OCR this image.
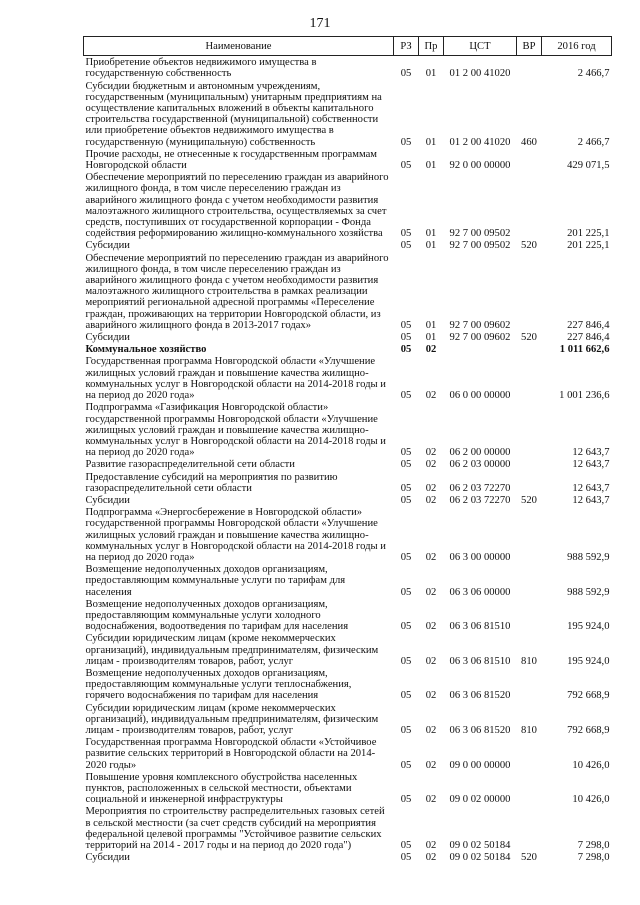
171
Наименование	РЗ	Пр	ЦСТ	ВР	2016 год
Приобретение объектов недвижимого имущества в государственную собственность	05	01	01 2 00 41020		2 466,7
Субсидии бюджетным и автономным учреждениям, государственным (муниципальным) унитарным предприятиям на осуществление капитальных вложений в объекты капитального строительства государственной (муниципальной) собственности или приобретение объектов недвижимого имущества в государственную (муниципальную) собственность	05	01	01 2 00 41020	460	2 466,7
Прочие расходы, не отнесенные к государственным программам Новгородской области	05	01	92 0 00 00000		429 071,5
Обеспечение мероприятий по переселению граждан из аварийного жилищного фонда, в том числе переселению граждан из аварийного жилищного фонда с учетом необходимости развития малоэтажного жилищного строительства, осуществляемых за счет средств, поступивших от государственной корпорации - Фонда содействия реформированию жилищно-коммунального хозяйства	05	01	92 7 00 09502		201 225,1
Субсидии	05	01	92 7 00 09502	520	201 225,1
Обеспечение мероприятий по переселению граждан из аварийного жилищного фонда, в том числе переселению граждан из аварийного жилищного фонда с учетом необходимости развития малоэтажного жилищного строительства в рамках реализации мероприятий региональной адресной программы «Переселение граждан, проживающих на территории Новгородской области, из аварийного жилищного фонда в 2013-2017 годах»	05	01	92 7 00 09602		227 846,4
Субсидии	05	01	92 7 00 09602	520	227 846,4
Коммунальное хозяйство	05	02			1 011 662,6
Государственная программа Новгородской области «Улучшение жилищных условий граждан и повышение качества жилищно-коммунальных услуг в Новгородской области на 2014-2018 годы и на период до 2020 года»	05	02	06 0 00 00000		1 001 236,6
Подпрограмма «Газификация Новгородской области» государственной программы Новгородской области «Улучшение жилищных условий граждан и повышение качества жилищно-коммунальных услуг в Новгородской области на 2014-2018 годы и на период до 2020 года»	05	02	06 2 00 00000		12 643,7
Развитие газораспределительной сети области	05	02	06 2 03 00000		12 643,7
Предоставление субсидий на мероприятия по развитию газораспределительной сети области	05	02	06 2 03 72270		12 643,7
Субсидии	05	02	06 2 03 72270	520	12 643,7
Подпрограмма «Энергосбережение в Новгородской области» государственной программы Новгородской области «Улучшение жилищных условий граждан и повышение качества жилищно-коммунальных услуг в Новгородской области на 2014-2018 годы и на период до 2020 года»	05	02	06 3 00 00000		988 592,9
Возмещение недополученных доходов организациям, предоставляющим коммунальные услуги по тарифам для населения	05	02	06 3 06 00000		988 592,9
Возмещение недополученных доходов организациям, предоставляющим коммунальные услуги холодного водоснабжения, водоотведения по тарифам для населения	05	02	06 3 06 81510		195 924,0
Субсидии юридическим лицам (кроме некоммерческих организаций), индивидуальным предпринимателям, физическим лицам - производителям товаров, работ, услуг	05	02	06 3 06 81510	810	195 924,0
Возмещение недополученных доходов организациям, предоставляющим коммунальные услуги теплоснабжения, горячего водоснабжения по тарифам для населения	05	02	06 3 06 81520		792 668,9
Субсидии юридическим лицам (кроме некоммерческих организаций), индивидуальным предпринимателям, физическим лицам - производителям товаров, работ, услуг	05	02	06 3 06 81520	810	792 668,9
Государственная программа Новгородской области «Устойчивое развитие сельских территорий в Новгородской области на 2014-2020 годы»	05	02	09 0 00 00000		10 426,0
Повышение уровня комплексного обустройства населенных пунктов, расположенных в сельской местности, объектами социальной и инженерной инфраструктуры	05	02	09 0 02 00000		10 426,0
Мероприятия по строительству распределительных газовых сетей в сельской местности (за счет средств субсидий на мероприятия федеральной целевой программы "Устойчивое развитие сельских территорий на 2014 - 2017 годы и на период до 2020 года")	05	02	09 0 02 50184		7 298,0
Субсидии	05	02	09 0 02 50184	520	7 298,0
